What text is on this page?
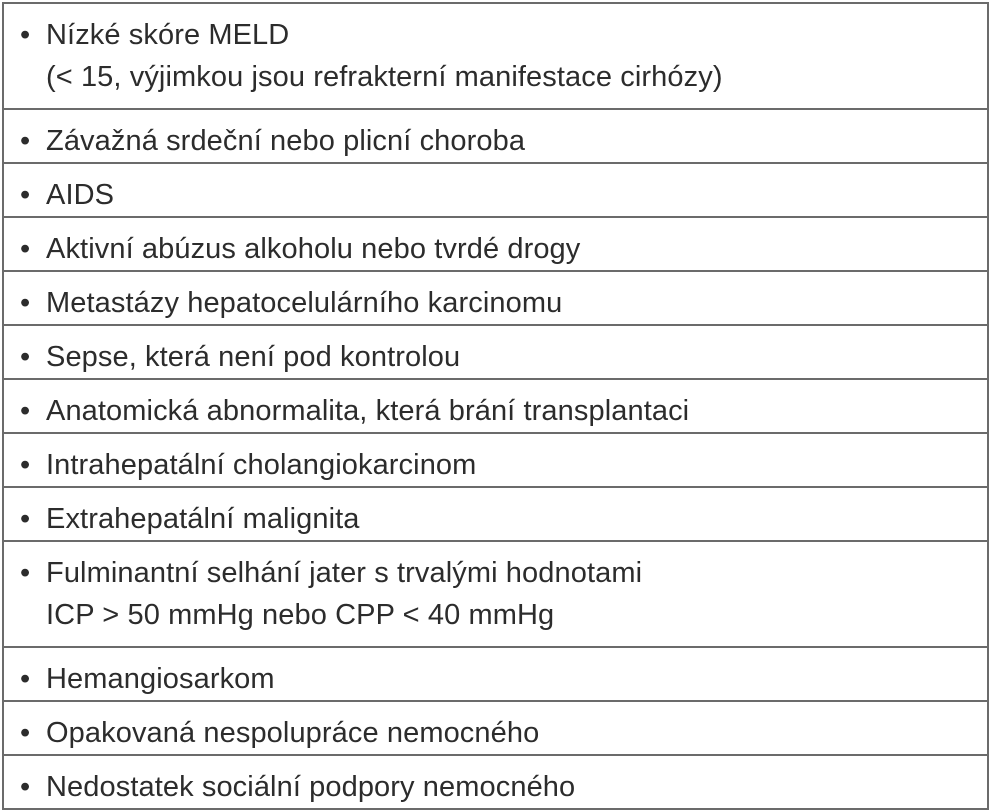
• Nízké skóre MELD
(< 15, výjimkou jsou refrakterní manifestace cirhózy)
• Závažná srdeční nebo plicní choroba
• AIDS
• Aktivní abúzus alkoholu nebo tvrdé drogy
• Metastázy hepatocelulárního karcinomu
• Sepse, která není pod kontrolou
• Anatomická abnormalita, která brání transplantaci
• Intrahepatální cholangiokarcinom
• Extrahepatální malignita
• Fulminantní selhání jater s trvalými hodnotami
ICP > 50 mmHg nebo CPP < 40 mmHg
• Hemangiosarkom
• Opakovaná nespolupráce nemocného
• Nedostatek sociální podpory nemocného
